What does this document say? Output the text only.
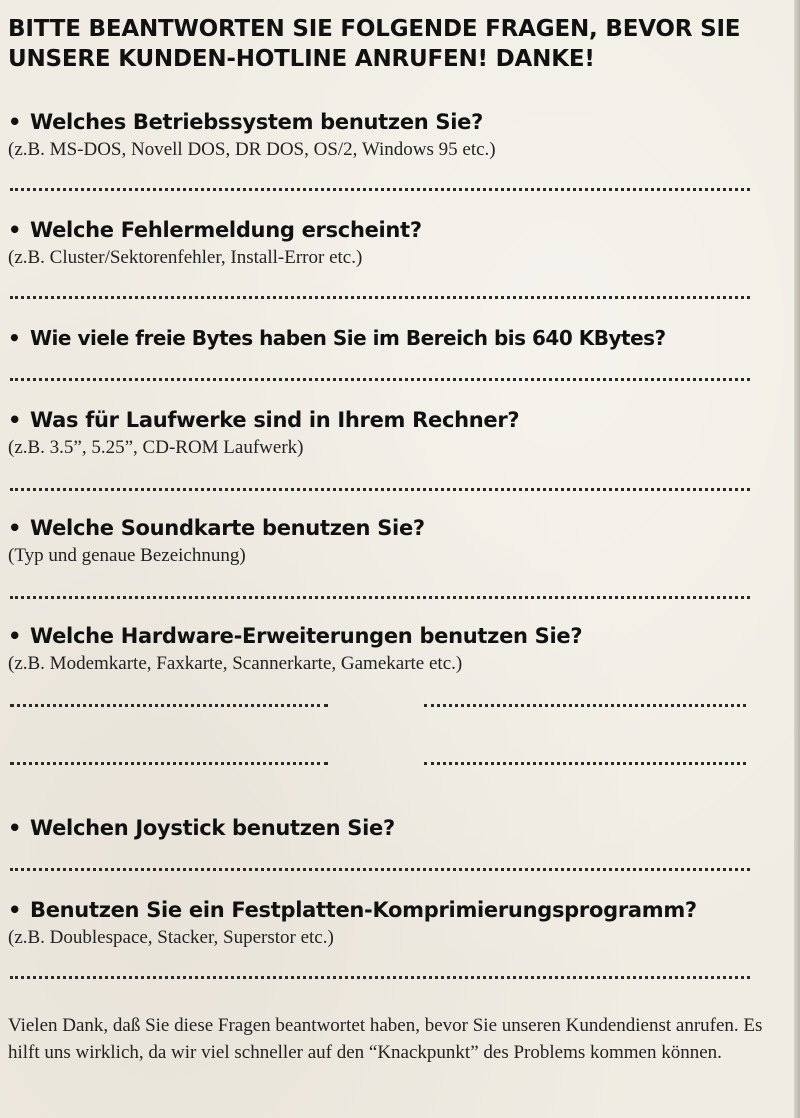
BITTE BEANTWORTEN SIE FOLGENDE FRAGEN, BEVOR SIE UNSERE KUNDEN-HOTLINE ANRUFEN! DANKE!
• Welches Betriebssystem benutzen Sie?
(z.B. MS-DOS, Novell DOS, DR DOS, OS/2, Windows 95 etc.)
• Welche Fehlermeldung erscheint?
(z.B. Cluster/Sektorenfehler, Install-Error etc.)
• Wie viele freie Bytes haben Sie im Bereich bis 640 KBytes?
• Was für Laufwerke sind in Ihrem Rechner?
(z.B. 3.5”, 5.25”, CD-ROM Laufwerk)
• Welche Soundkarte benutzen Sie?
(Typ und genaue Bezeichnung)
• Welche Hardware-Erweiterungen benutzen Sie?
(z.B. Modemkarte, Faxkarte, Scannerkarte, Gamekarte etc.)
• Welchen Joystick benutzen Sie?
• Benutzen Sie ein Festplatten-Komprimierungsprogramm?
(z.B. Doublespace, Stacker, Superstor etc.)

Vielen Dank, daß Sie diese Fragen beantwortet haben, bevor Sie unseren Kundendienst anrufen. Es hilft uns wirklich, da wir viel schneller auf den “Knackpunkt” des Problems kommen können.
